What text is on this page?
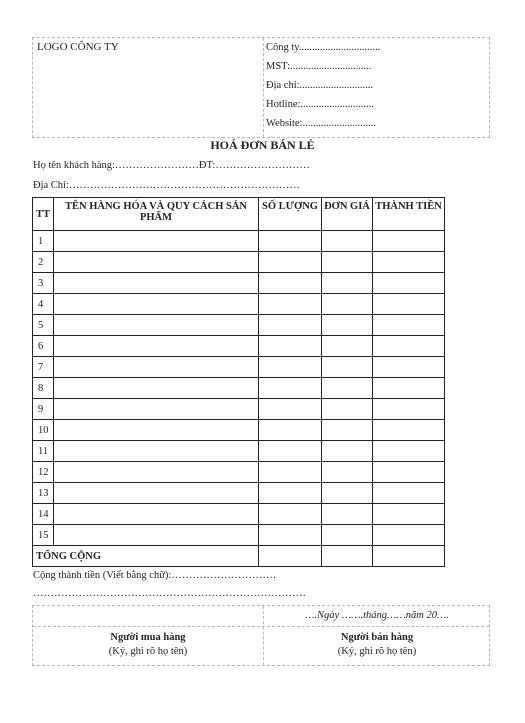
LOGO CÔNG TY	Công ty...............................
MST:...............................
Địa chỉ:............................
Hotline:............................
Website:............................
HOÁ ĐƠN BÁN LẺ
Họ tên khách hàng:……………………ĐT:………………………
Địa Chỉ:…………………………………………………………
TT	TÊN HÀNG HÓA VÀ QUY CÁCH SẢN PHẨM	SỐ LƯỢNG	ĐƠN GIÁ	THÀNH TIỀN
1				
2				
3				
4				
5				
6				
7				
8				
9				
10				
11				
12				
13				
14				
15				
TỔNG CỘNG				
Cộng thành tiền (Viết bằng chữ):…………………………
……………………………………………………………………
….Ngày …….tháng……năm 20….
Người mua hàng
(Ký, ghi rõ họ tên)
Người bán hàng
(Ký, ghi rõ họ tên)
